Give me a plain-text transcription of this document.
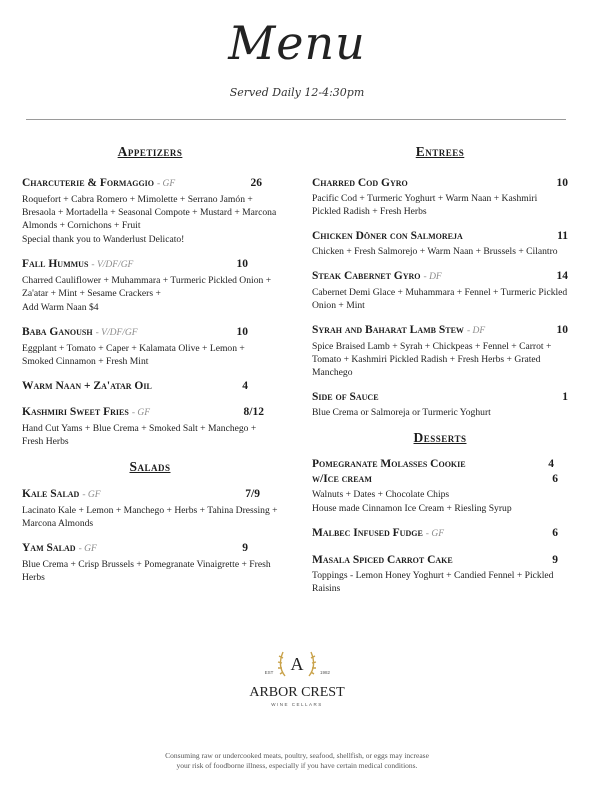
Menu
Served Daily 12-4:30pm
Appetizers
Charcuterie & Formaggio - GF	26
Roquefort + Cabra Romero + Mimolette + Serrano Jamón + Bresaola + Mortadella + Seasonal Compote + Mustard + Marcona Almonds + Cornichons + Fruit
Special thank you to Wanderlust Delicato!
Fall Hummus - V/DF/GF	10
Charred Cauliflower + Muhammara + Turmeric Pickled Onion + Za'atar + Mint + Sesame Crackers +
Add Warm Naan $4
Baba Ganoush - V/DF/GF	10
Eggplant + Tomato + Caper + Kalamata Olive + Lemon + Smoked Cinnamon + Fresh Mint
Warm Naan + Za'atar Oil	4
Kashmiri Sweet Fries - GF	8/12
Hand Cut Yams + Blue Crema + Smoked Salt + Manchego + Fresh Herbs
Salads
Kale Salad - GF	7/9
Lacinato Kale + Lemon + Manchego + Herbs + Tahina Dressing + Marcona Almonds
Yam Salad - GF	9
Blue Crema + Crisp Brussels + Pomegranate Vinaigrette + Fresh Herbs
Entrees
Charred Cod Gyro	10
Pacific Cod + Turmeric Yoghurt + Warm Naan + Kashmiri Pickled Radish + Fresh Herbs
Chicken Döner con Salmoreja	11
Chicken + Fresh Salmorejo + Warm Naan + Brussels + Cilantro
Steak Cabernet Gyro - DF	14
Cabernet Demi Glace + Muhammara + Fennel + Turmeric Pickled Onion + Mint
Syrah and Baharat Lamb Stew - DF	10
Spice Braised Lamb + Syrah + Chickpeas + Fennel + Carrot + Tomato + Kashmiri Pickled Radish + Fresh Herbs + Grated Manchego
Side of Sauce	1
Blue Crema or Salmoreja or Turmeric Yoghurt
Desserts
Pomegranate Molasses Cookie	4
w/Ice cream	6
Walnuts + Dates + Chocolate Chips
House made Cinnamon Ice Cream + Riesling Syrup
Malbec Infused Fudge - GF	6
Masala Spiced Carrot Cake	9
Toppings - Lemon Honey Yoghurt + Candied Fennel + Pickled Raisins
A
EST	1982
ARBOR CREST
WINE CELLARS
Consuming raw or undercooked meats, poultry, seafood, shellfish, or eggs may increase
your risk of foodborne illness, especially if you have certain medical conditions.
